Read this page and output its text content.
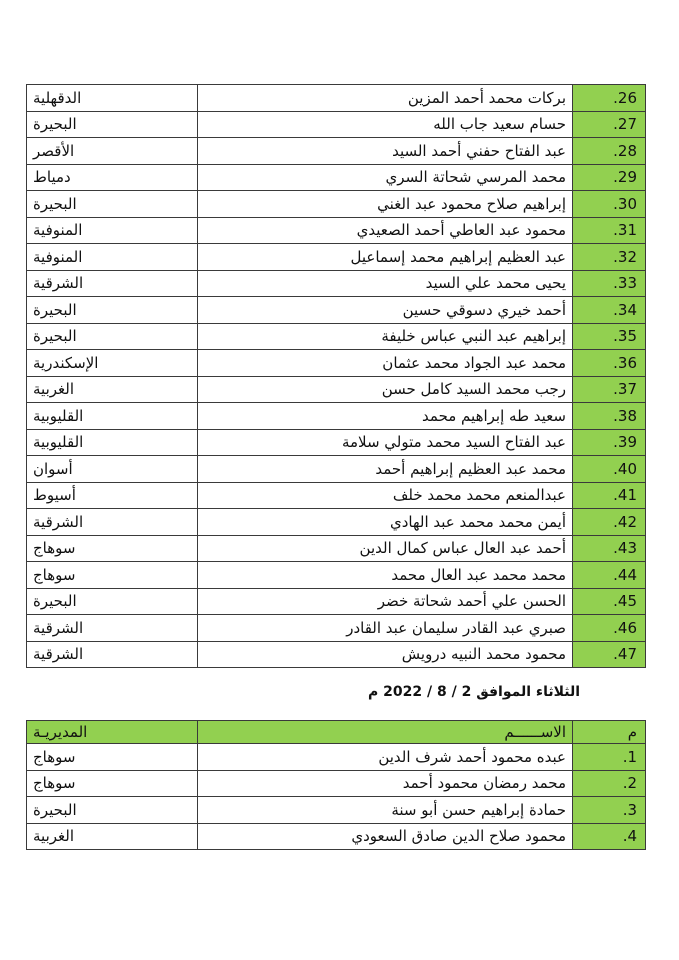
.26	بركات محمد أحمد المزين	الدقهلية
.27	حسام سعيد جاب الله	البحيرة
.28	عبد الفتاح حفني أحمد السيد	الأقصر
.29	محمد المرسي شحاتة السري	دمياط
.30	إبراهيم صلاح محمود عبد الغني	البحيرة
.31	محمود عبد العاطي أحمد الصعيدي	المنوفية
.32	عبد العظيم إبراهيم محمد إسماعيل	المنوفية
.33	يحيى محمد علي السيد	الشرقية
.34	أحمد خيري دسوقي حسين	البحيرة
.35	إبراهيم عبد النبي عباس خليفة	البحيرة
.36	محمد عبد الجواد محمد عثمان	الإسكندرية
.37	رجب محمد السيد كامل حسن	الغربية
.38	سعيد طه إبراهيم محمد	القليوبية
.39	عبد الفتاح السيد محمد متولي سلامة	القليوبية
.40	محمد عبد العظيم إبراهيم أحمد	أسوان
.41	عبدالمنعم محمد محمد خلف	أسيوط
.42	أيمن محمد محمد عبد الهادي	الشرقية
.43	أحمد عبد العال عباس كمال الدين	سوهاج
.44	محمد محمد عبد العال محمد	سوهاج
.45	الحسن علي أحمد شحاتة خضر	البحيرة
.46	صبري عبد القادر سليمان عبد القادر	الشرقية
.47	محمود محمد النبيه درويش	الشرقية
الثلاثاء الموافق 2 / 8 / 2022 م
م	الاســــــم	المديريـة
.1	عبده محمود أحمد شرف الدين	سوهاج
.2	محمد رمضان محمود أحمد	سوهاج
.3	حمادة إبراهيم حسن أبو سنة	البحيرة
.4	محمود صلاح الدين صادق السعودي	الغربية
